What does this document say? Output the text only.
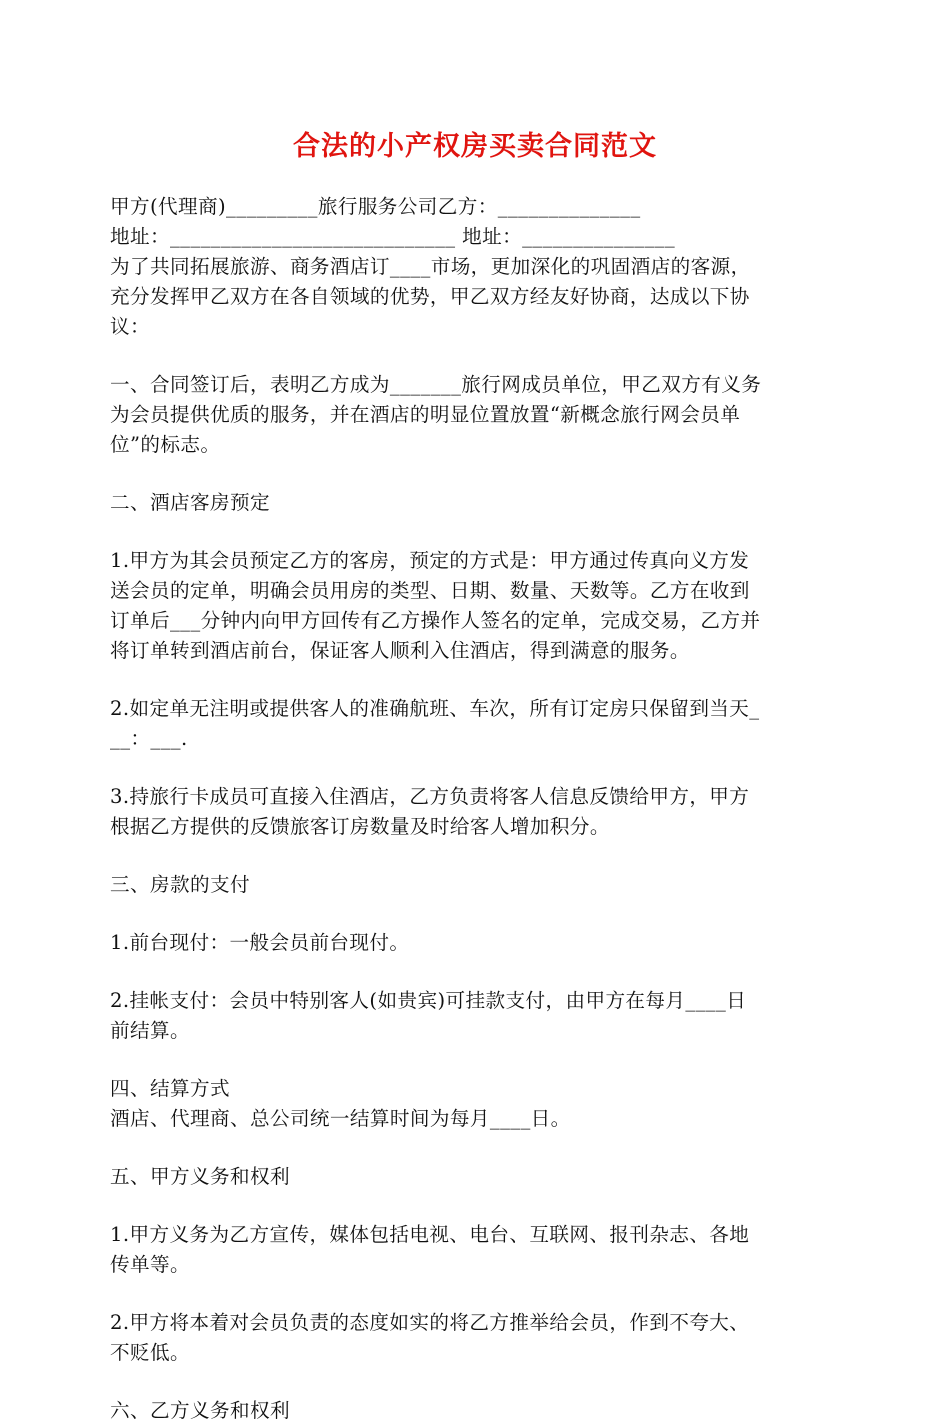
合法的小产权房买卖合同范文
甲方(代理商)_________旅行服务公司乙方：______________
地址：____________________________ 地址：_______________
为了共同拓展旅游、商务酒店订____市场，更加深化的巩固酒店的客源，
充分发挥甲乙双方在各自领域的优势，甲乙双方经友好协商，达成以下协
议：
一、合同签订后，表明乙方成为_______旅行网成员单位，甲乙双方有义务
为会员提供优质的服务，并在酒店的明显位置放置“新概念旅行网会员单
位”的标志。
二、酒店客房预定
1.甲方为其会员预定乙方的客房，预定的方式是：甲方通过传真向义方发
送会员的定单，明确会员用房的类型、日期、数量、天数等。乙方在收到
订单后___分钟内向甲方回传有乙方操作人签名的定单，完成交易，乙方并
将订单转到酒店前台，保证客人顺利入住酒店，得到满意的服务。
2.如定单无注明或提供客人的准确航班、车次，所有订定房只保留到当天_
__：___.
3.持旅行卡成员可直接入住酒店，乙方负责将客人信息反馈给甲方，甲方
根据乙方提供的反馈旅客订房数量及时给客人增加积分。
三、房款的支付
1.前台现付：一般会员前台现付。
2.挂帐支付：会员中特别客人(如贵宾)可挂款支付，由甲方在每月____日
前结算。
四、结算方式
酒店、代理商、总公司统一结算时间为每月____日。
五、甲方义务和权利
1.甲方义务为乙方宣传，媒体包括电视、电台、互联网、报刊杂志、各地
传单等。
2.甲方将本着对会员负责的态度如实的将乙方推举给会员，作到不夸大、
不贬低。
六、乙方义务和权利
